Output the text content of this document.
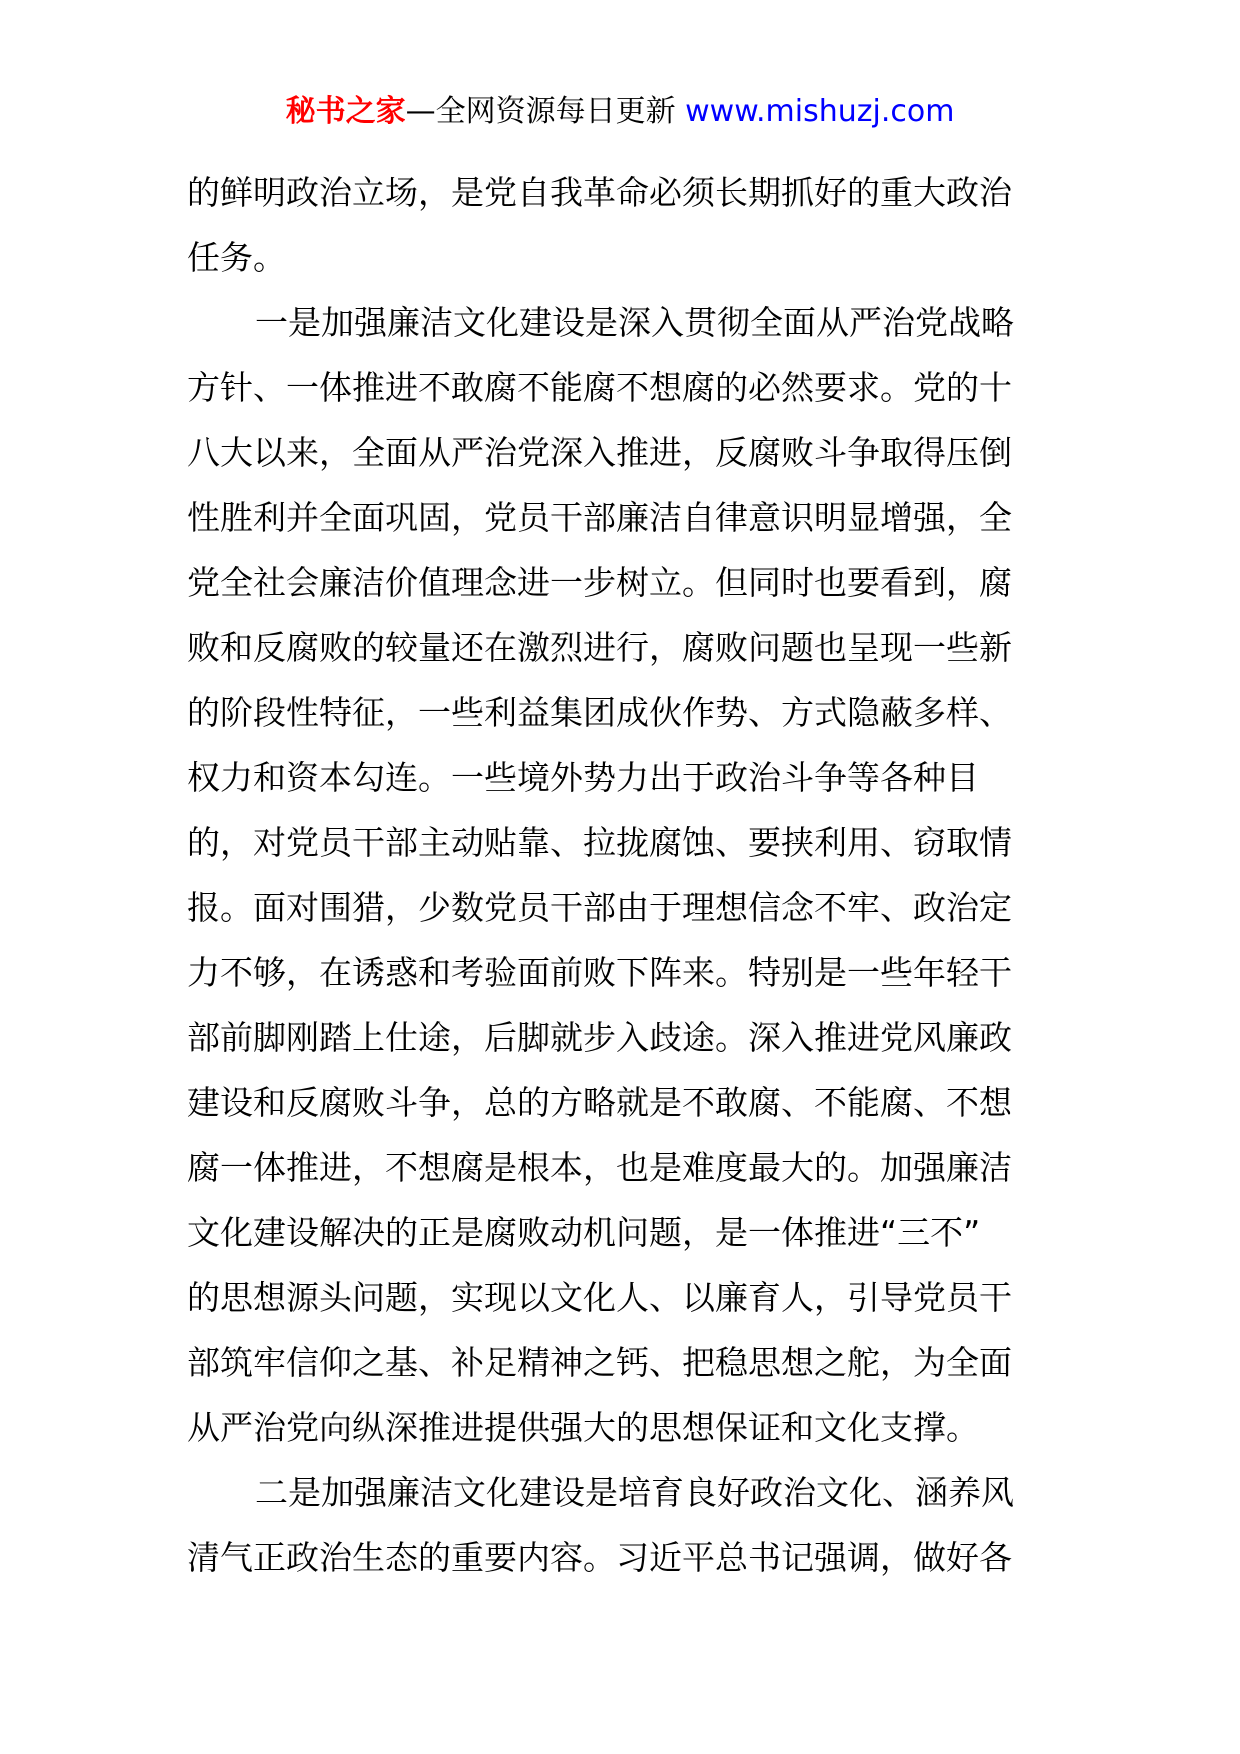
秘书之家—全网资源每日更新 www.mishuzj.com
的鲜明政治立场，是党自我革命必须长期抓好的重大政治
任务。
一是加强廉洁文化建设是深入贯彻全面从严治党战略
方针、一体推进不敢腐不能腐不想腐的必然要求。党的十
八大以来，全面从严治党深入推进，反腐败斗争取得压倒
性胜利并全面巩固，党员干部廉洁自律意识明显增强，全
党全社会廉洁价值理念进一步树立。但同时也要看到，腐
败和反腐败的较量还在激烈进行，腐败问题也呈现一些新
的阶段性特征，一些利益集团成伙作势、方式隐蔽多样、
权力和资本勾连。一些境外势力出于政治斗争等各种目
的，对党员干部主动贴靠、拉拢腐蚀、要挟利用、窃取情
报。面对围猎，少数党员干部由于理想信念不牢、政治定
力不够，在诱惑和考验面前败下阵来。特别是一些年轻干
部前脚刚踏上仕途，后脚就步入歧途。深入推进党风廉政
建设和反腐败斗争，总的方略就是不敢腐、不能腐、不想
腐一体推进，不想腐是根本，也是难度最大的。加强廉洁
文化建设解决的正是腐败动机问题，是一体推进“三不”
的思想源头问题，实现以文化人、以廉育人，引导党员干
部筑牢信仰之基、补足精神之钙、把稳思想之舵，为全面
从严治党向纵深推进提供强大的思想保证和文化支撑。
二是加强廉洁文化建设是培育良好政治文化、涵养风
清气正政治生态的重要内容。习近平总书记强调，做好各
